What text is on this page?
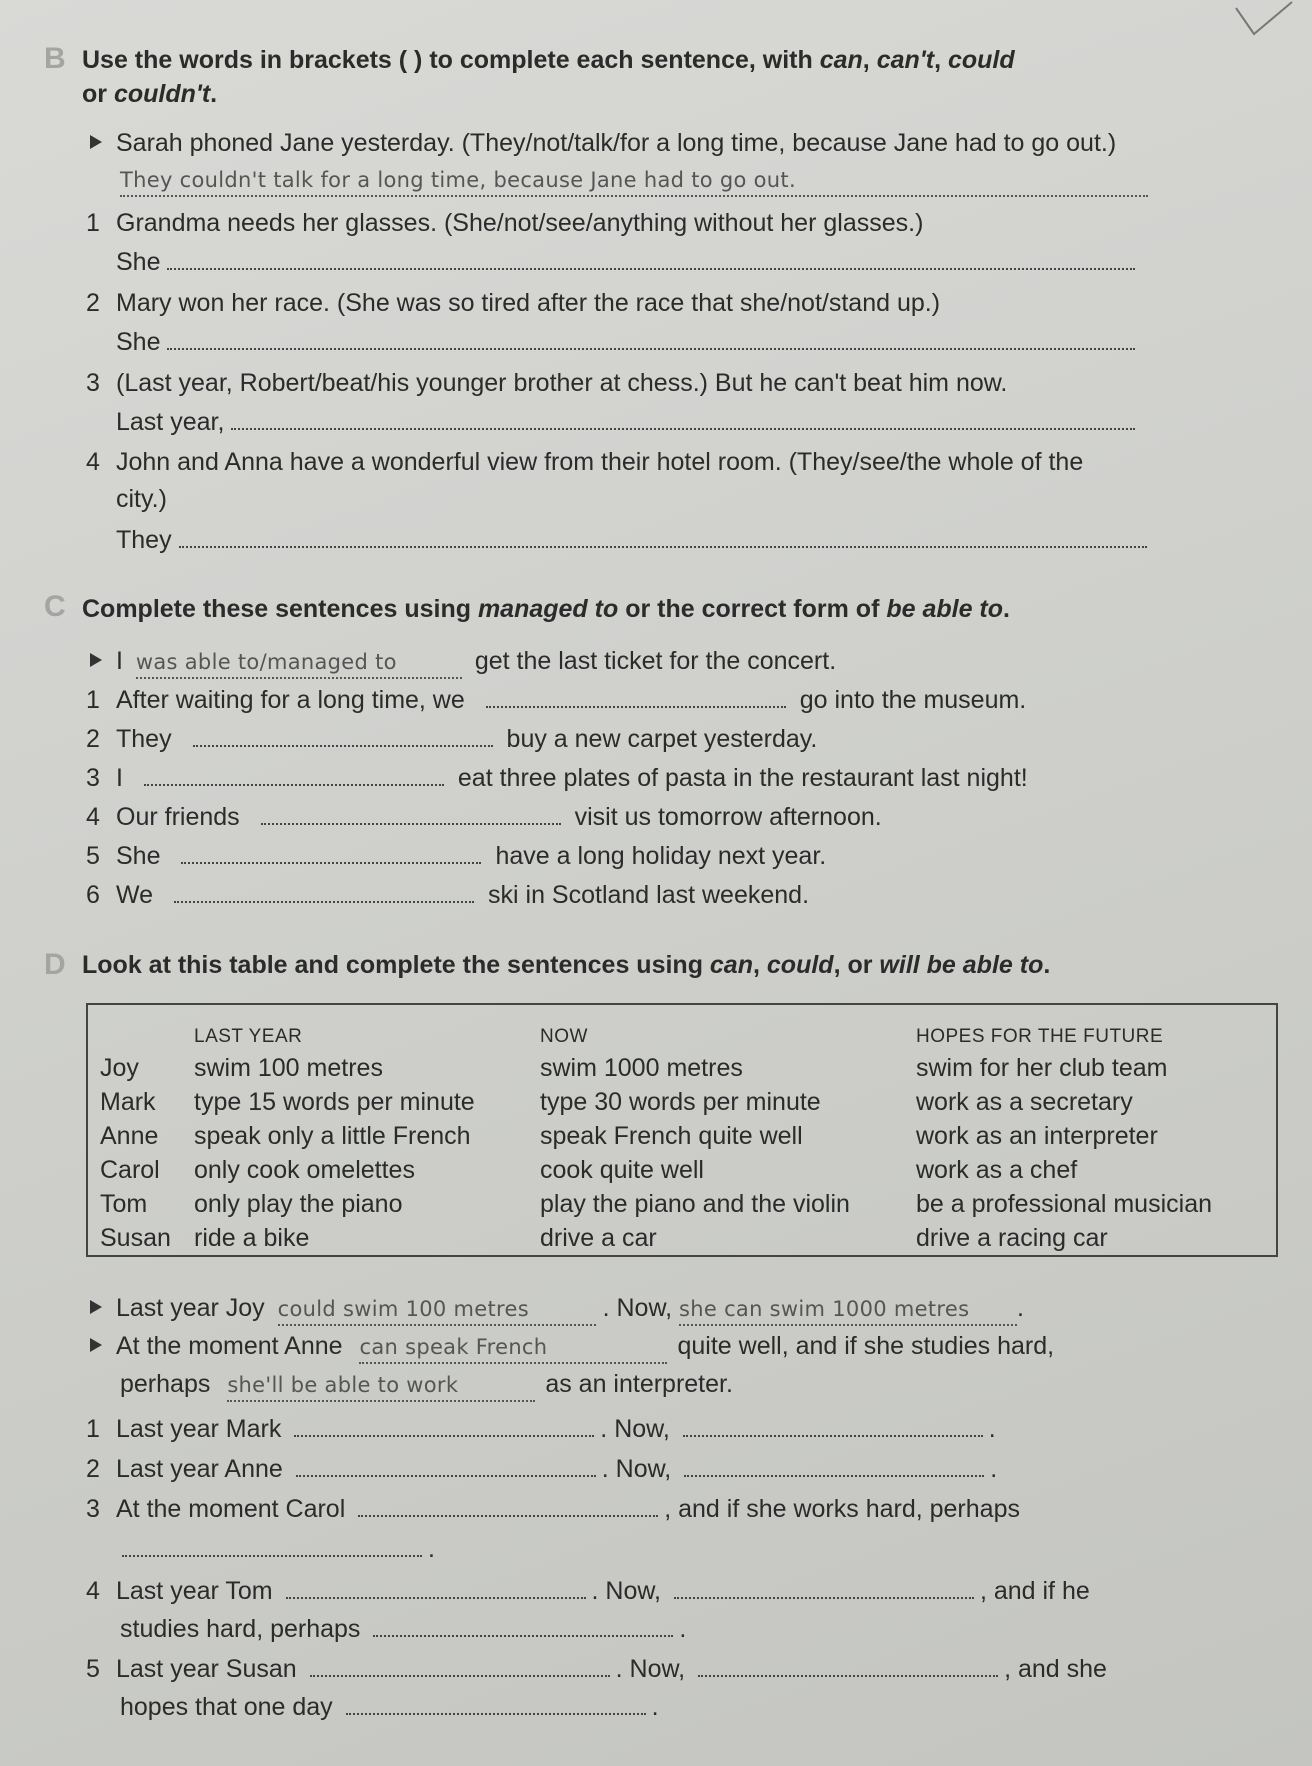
B Use the words in brackets ( ) to complete each sentence, with can, can't, could
or couldn't.
Sarah phoned Jane yesterday. (They/not/talk/for a long time, because Jane had to go out.)
They couldn't talk for a long time, because Jane had to go out.
1 Grandma needs her glasses. (She/not/see/anything without her glasses.)
She
2 Mary won her race. (She was so tired after the race that she/not/stand up.)
She
3 (Last year, Robert/beat/his younger brother at chess.) But he can't beat him now.
Last year,
4 John and Anna have a wonderful view from their hotel room. (They/see/the whole of the
city.)
They
C Complete these sentences using managed to or the correct form of be able to.
I was able to/managed to	get the last ticket for the concert.
1 After waiting for a long time, we	go into the museum.
2 They	buy a new carpet yesterday.
3 I	eat three plates of pasta in the restaurant last night!
4 Our friends	visit us tomorrow afternoon.
5 She	have a long holiday next year.
6 We	ski in Scotland last weekend.
D Look at this table and complete the sentences using can, could, or will be able to.
LAST YEAR	NOW	HOPES FOR THE FUTURE
Joy swim 100 metres	swim 1000 metres	swim for her club team
Mark type 15 words per minute	type 30 words per minute	work as a secretary
Anne speak only a little French	speak French quite well	work as an interpreter
Carol only cook omelettes	cook quite well	work as a chef
Tom only play the piano	play the piano and the violin	be a professional musician
Susan ride a bike	drive a car	drive a racing car
Last year Joy could swim 100 metres	. Now, she can swim 1000 metres .
At the moment Anne can speak French	quite well, and if she studies hard,
perhaps she'll be able to work	as an interpreter.
1 Last year Mark	. Now,	.
2 Last year Anne	. Now,	.
3 At the moment Carol	, and if she works hard, perhaps
.
4 Last year Tom	. Now,	, and if he
studies hard, perhaps	.
5 Last year Susan	. Now,	, and she
hopes that one day	.
